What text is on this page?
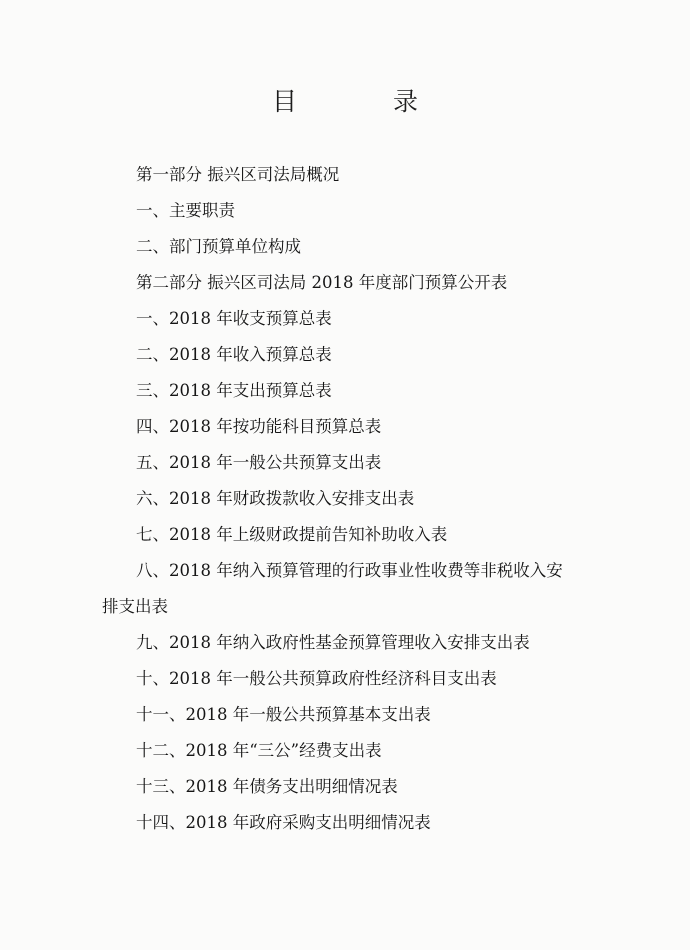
目 录
第一部分 振兴区司法局概况
一、主要职责
二、部门预算单位构成
第二部分 振兴区司法局 2018 年度部门预算公开表
一、2018 年收支预算总表
二、2018 年收入预算总表
三、2018 年支出预算总表
四、2018 年按功能科目预算总表
五、2018 年一般公共预算支出表
六、2018 年财政拨款收入安排支出表
七、2018 年上级财政提前告知补助收入表
八、2018 年纳入预算管理的行政事业性收费等非税收入安排支出表
九、2018 年纳入政府性基金预算管理收入安排支出表
十、2018 年一般公共预算政府性经济科目支出表
十一、2018 年一般公共预算基本支出表
十二、2018 年“三公”经费支出表
十三、2018 年债务支出明细情况表
十四、2018 年政府采购支出明细情况表
